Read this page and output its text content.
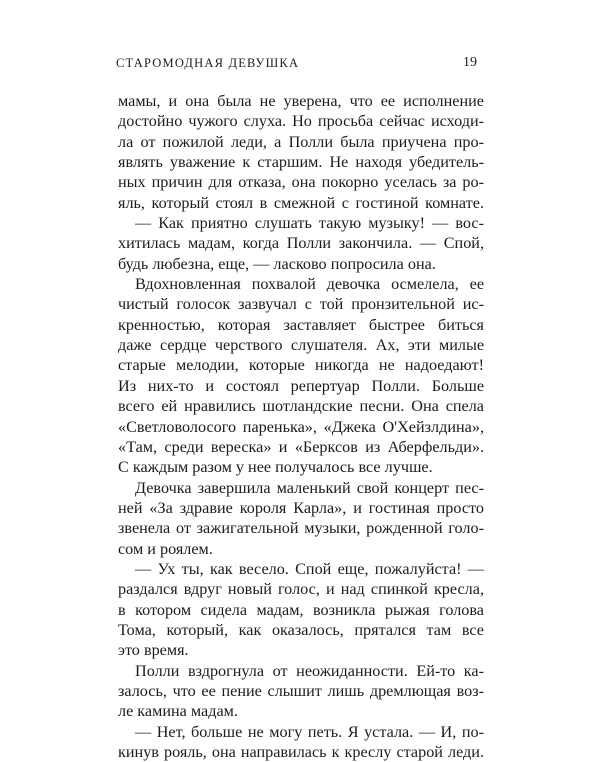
СТАРОМОДНАЯ ДЕВУШКА	19
мамы, и она была не уверена, что ее исполнение
достойно чужого слуха. Но просьба сейчас исходи-
ла от пожилой леди, а Полли была приучена про-
являть уважение к старшим. Не находя убедитель-
ных причин для отказа, она покорно уселась за ро-
яль, который стоял в смежной с гостиной комнате.
— Как приятно слушать такую музыку! — вос-
хитилась мадам, когда Полли закончила. — Спой,
будь любезна, еще, — ласково попросила она.
Вдохновленная похвалой девочка осмелела, ее
чистый голосок зазвучал с той пронзительной ис-
кренностью, которая заставляет быстрее биться
даже сердце черствого слушателя. Ах, эти милые
старые мелодии, которые никогда не надоедают!
Из них-то и состоял репертуар Полли. Больше
всего ей нравились шотландские песни. Она спела
«Светловолосого паренька», «Джека О'Хейзлдина»,
«Там, среди вереска» и «Берксов из Аберфельди».
С каждым разом у нее получалось все лучше.
Девочка завершила маленький свой концерт пес-
ней «За здравие короля Карла», и гостиная просто
звенела от зажигательной музыки, рожденной голо-
сом и роялем.
— Ух ты, как весело. Спой еще, пожалуйста! —
раздался вдруг новый голос, и над спинкой кресла,
в котором сидела мадам, возникла рыжая голова
Тома, который, как оказалось, прятался там все
это время.
Полли вздрогнула от неожиданности. Ей-то ка-
залось, что ее пение слышит лишь дремлющая воз-
ле камина мадам.
— Нет, больше не могу петь. Я устала. — И, по-
кинув рояль, она направилась к креслу старой леди.
